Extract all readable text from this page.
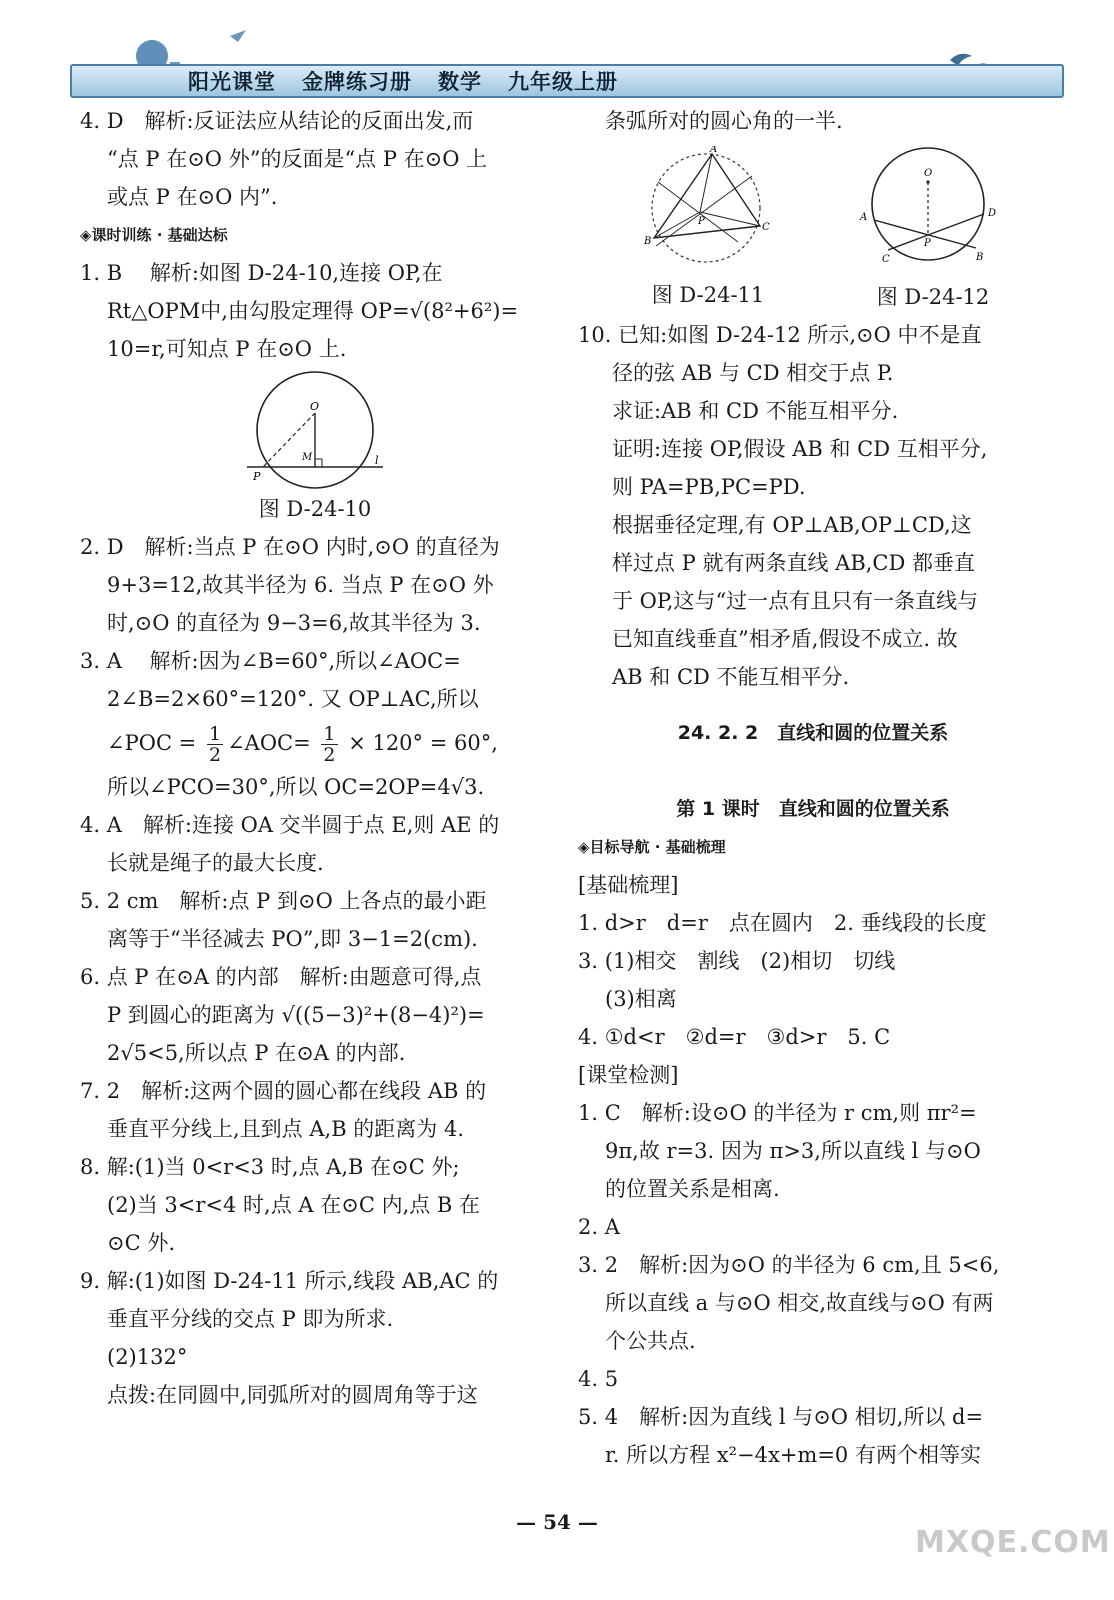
阳光课堂 金牌练习册 数学 九年级上册

4. D　解析:反证法应从结论的反面出发,而

“点 P 在⊙O 外”的反面是“点 P 在⊙O 上

或点 P 在⊙O 内”.

◈课时训练 · 基础达标

1. B　 解析:如图 D-24-10,连接 OP,在

Rt△OPM中,由勾股定理得 OP=√(8²+6²)=

10=r,可知点 P 在⊙O 上.

O
M
P
l

图 D-24-10

2. D　解析:当点 P 在⊙O 内时,⊙O 的直径为

9+3=12,故其半径为 6. 当点 P 在⊙O 外

时,⊙O 的直径为 9−3=6,故其半径为 3.

3. A　 解析:因为∠B=60°,所以∠AOC=

2∠B=2×60°=120°. 又 OP⊥AC,所以

∠POC = $\frac{1}{2}$ ∠AOC= $\frac{1}{2} \times 120^\circ = 60^\circ$,

所以∠PCO=30°,所以 OC=2OP=4√3.

4. A　解析:连接 OA 交半圆于点 E,则 AE 的

长就是绳子的最大长度.

5. 2 cm　解析:点 P 到⊙O 上各点的最小距

离等于“半径减去 PO”,即 3−1=2(cm).

6. 点 P 在⊙A 的内部　解析:由题意可得,点

P 到圆心的距离为 √((5−3)²+(8−4)²)=

2√5<5,所以点 P 在⊙A 的内部.

7. 2　解析:这两个圆的圆心都在线段 AB 的

垂直平分线上,且到点 A,B 的距离为 4.

8. 解:(1)当 0<r<3 时,点 A,B 在⊙C 外;

(2)当 3<r<4 时,点 A 在⊙C 内,点 B 在

⊙C 外.

9. 解:(1)如图 D-24-11 所示,线段 AB,AC 的

垂直平分线的交点 P 即为所求.

(2)132°

点拨:在同圆中,同弧所对的圆周角等于这

条弧所对的圆心角的一半.

A
B
C
P

图 D-24-11

O
A	D
C	B
P

图 D-24-12

10. 已知:如图 D-24-12 所示,⊙O 中不是直

径的弦 AB 与 CD 相交于点 P.

求证:AB 和 CD 不能互相平分.

证明:连接 OP,假设 AB 和 CD 互相平分,

则 PA=PB,PC=PD.

根据垂径定理,有 OP⊥AB,OP⊥CD,这

样过点 P 就有两条直线 AB,CD 都垂直

于 OP,这与“过一点有且只有一条直线与

已知直线垂直”相矛盾,假设不成立. 故

AB 和 CD 不能互相平分.

24. 2. 2　直线和圆的位置关系

第 1 课时　直线和圆的位置关系

◈目标导航 · 基础梳理

[基础梳理]

1. d>r　d=r　点在圆内　2. 垂线段的长度

3. (1)相交　割线　(2)相切　切线

(3)相离

4. ①d<r　②d=r　③d>r　5. C

[课堂检测]

1. C　解析:设⊙O 的半径为 r cm,则 πr²=

9π,故 r=3. 因为 π>3,所以直线 l 与⊙O

的位置关系是相离.

2. A

3. 2　解析:因为⊙O 的半径为 6 cm,且 5<6,

所以直线 a 与⊙O 相交,故直线与⊙O 有两

个公共点.

4. 5

5. 4　解析:因为直线 l 与⊙O 相切,所以 d=

r. 所以方程 x²−4x+m=0 有两个相等实

— 54 —
MXQE.COM
